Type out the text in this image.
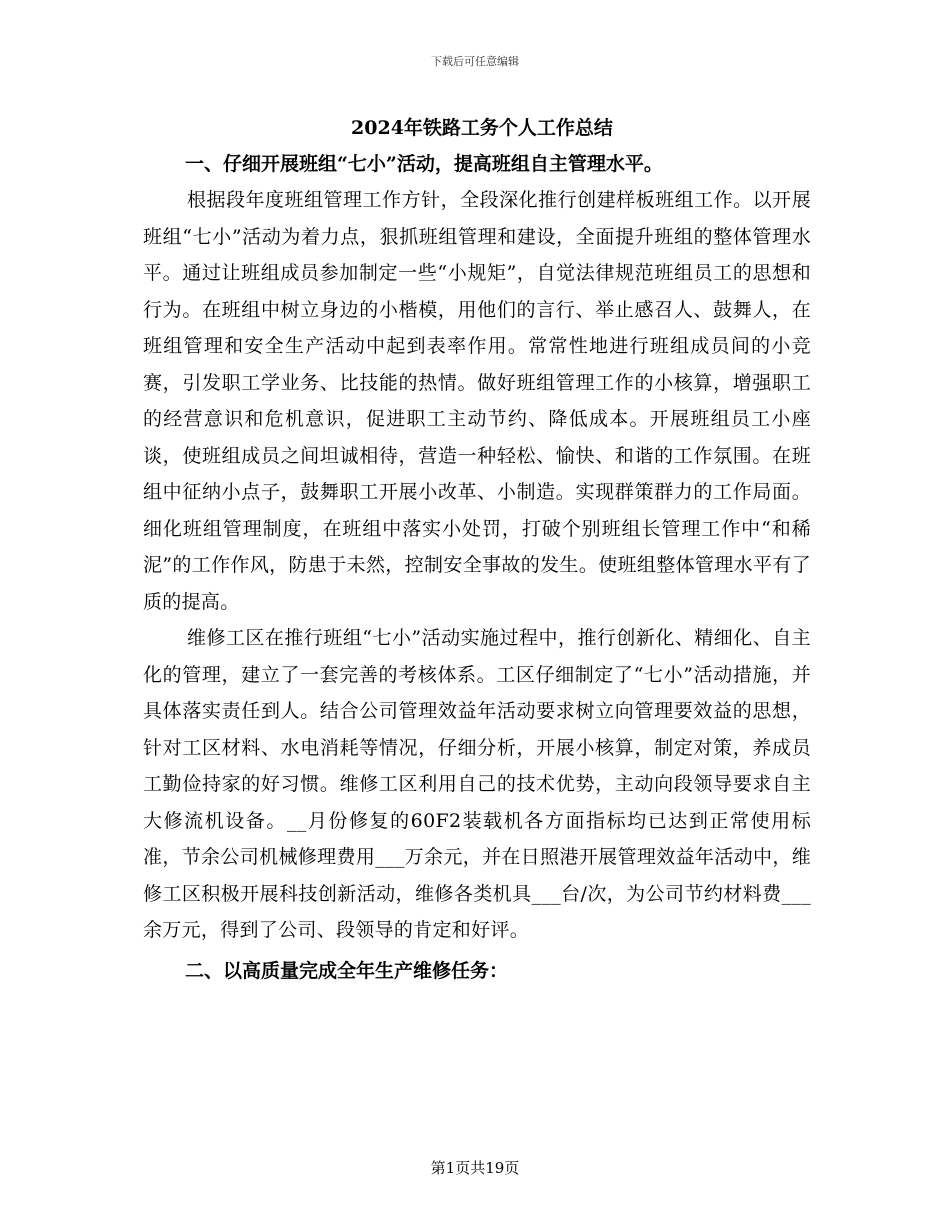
下载后可任意编辑
2024年铁路工务个人工作总结
一、仔细开展班组“七小”活动，提高班组自主管理水平。

根据段年度班组管理工作方针，全段深化推行创建样板班组工作。以开展班组“七小”活动为着力点，狠抓班组管理和建设，全面提升班组的整体管理水平。通过让班组成员参加制定一些“小规矩”，自觉法律规范班组员工的思想和行为。在班组中树立身边的小楷模，用他们的言行、举止感召人、鼓舞人，在班组管理和安全生产活动中起到表率作用。常常性地进行班组成员间的小竞赛，引发职工学业务、比技能的热情。做好班组管理工作的小核算，增强职工的经营意识和危机意识，促进职工主动节约、降低成本。开展班组员工小座谈，使班组成员之间坦诚相待，营造一种轻松、愉快、和谐的工作氛围。在班组中征纳小点子，鼓舞职工开展小改革、小制造。实现群策群力的工作局面。细化班组管理制度，在班组中落实小处罚，打破个别班组长管理工作中“和稀泥”的工作作风，防患于未然，控制安全事故的发生。使班组整体管理水平有了质的提高。

维修工区在推行班组“七小”活动实施过程中，推行创新化、精细化、自主化的管理，建立了一套完善的考核体系。工区仔细制定了“七小”活动措施，并具体落实责任到人。结合公司管理效益年活动要求树立向管理要效益的思想，针对工区材料、水电消耗等情况，仔细分析，开展小核算，制定对策，养成员工勤俭持家的好习惯。维修工区利用自己的技术优势，主动向段领导要求自主大修流机设备。__月份修复的60F2装载机各方面指标均已达到正常使用标准，节余公司机械修理费用___万余元，并在日照港开展管理效益年活动中，维修工区积极开展科技创新活动，维修各类机具___台/次，为公司节约材料费___余万元，得到了公司、段领导的肯定和好评。

二、以高质量完成全年生产维修任务：
第1页共19页
